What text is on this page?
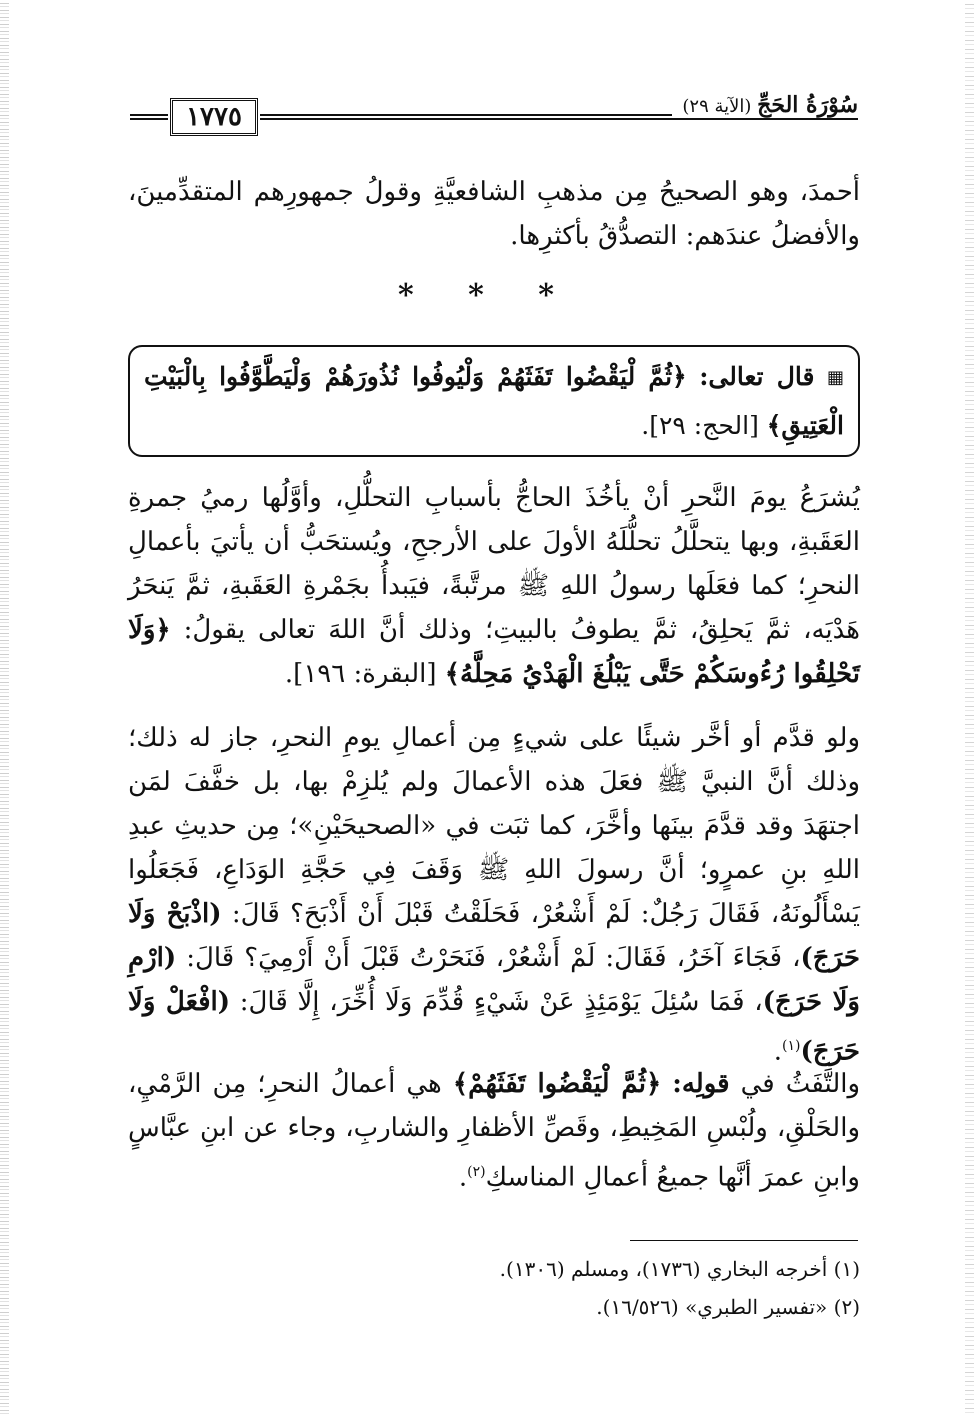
١٧٧٥	سُوْرَةُ الحَجِّ (الآية ٢٩)

أحمدَ، وهو الصحيحُ مِن مذهبِ الشافعيَّةِ وقولُ جمهورِهم المتقدِّمينَ، والأفضلُ عندَهم: التصدُّقُ بأكثرِها.

* * *

▦ قال تعالى: ﴿ثُمَّ لْيَقْضُوا تَفَثَهُمْ وَلْيُوفُوا نُذُورَهُمْ وَلْيَطَّوَّفُوا بِالْبَيْتِ الْعَتِيقِ﴾ [الحج: ٢٩].

يُشرَعُ يومَ النَّحرِ أنْ يأخُذَ الحاجُّ بأسبابِ التحلُّلِ، وأوَّلُها رميُ جمرةِ العَقَبةِ، وبها يتحلَّلُ تحلُّلَهُ الأولَ على الأرجحِ، ويُستحَبُّ أن يأتيَ بأعمالِ النحرِ؛ كما فعَلَها رسولُ اللهِ ﷺ مرتَّبةً، فيَبدأُ بجَمْرةِ العَقَبةِ، ثمَّ يَنحَرُ هَدْيَه، ثمَّ يَحلِقُ، ثمَّ يطوفُ بالبيتِ؛ وذلك أنَّ اللهَ تعالى يقولُ: ﴿وَلَا تَحْلِقُوا رُءُوسَكُمْ حَتَّى يَبْلُغَ الْهَدْيُ مَحِلَّهُ﴾ [البقرة: ١٩٦].

ولو قدَّم أو أخَّر شيئًا على شيءٍ مِن أعمالِ يومِ النحرِ، جاز له ذلك؛ وذلك أنَّ النبيَّ ﷺ فعَلَ هذه الأعمالَ ولم يُلزِمْ بها، بل خفَّفَ لمَن اجتهَدَ وقد قدَّمَ بينَها وأخَّرَ، كما ثبَت في «الصحيحَيْنِ»؛ مِن حديثِ عبدِ اللهِ بنِ عمرٍو؛ أنَّ رسولَ اللهِ ﷺ وَقَفَ فِي حَجَّةِ الوَدَاعِ، فَجَعَلُوا يَسْأَلُونَهُ، فَقَالَ رَجُلٌ: لَمْ أَشْعُرْ، فَحَلَقْتُ قَبْلَ أَنْ أَذْبَحَ؟ قَالَ: (اذْبَحْ وَلَا حَرَجَ)، فَجَاءَ آخَرُ، فَقَالَ: لَمْ أَشْعُرْ، فَنَحَرْتُ قَبْلَ أَنْ أَرْمِيَ؟ قَالَ: (ارْمِ وَلَا حَرَجَ)، فَمَا سُئِلَ يَوْمَئِذٍ عَنْ شَيْءٍ قُدِّمَ وَلَا أُخِّرَ، إِلَّا قَالَ: (افْعَلْ وَلَا حَرَجَ)$^{(١)}$.

والتَّفَثُ في قولِه: ﴿ثُمَّ لْيَقْضُوا تَفَثَهُمْ﴾ هي أعمالُ النحرِ؛ مِن الرَّمْيِ، والحَلْقِ، ولُبْسِ المَخِيطِ، وقَصِّ الأظفارِ والشاربِ، وجاء عن ابنِ عبَّاسٍ وابنِ عمرَ أنَّها جميعُ أعمالِ المناسكِ$^{(٢)}$.

(١) أخرجه البخاري (١٧٣٦)، ومسلم (١٣٠٦).
(٢) «تفسير الطبري» (١٦/٥٢٦).
